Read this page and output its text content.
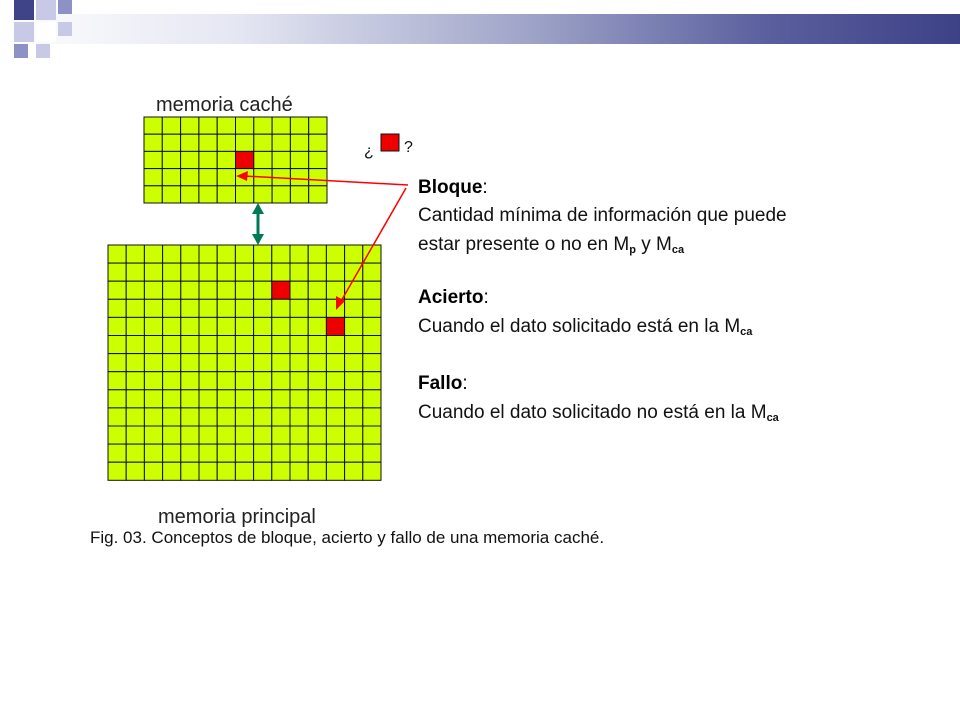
memoria caché
¿ ?
Bloque:
Cantidad mínima de información que puede
estar presente o no en $M_p$ y $M_{ca}$
Acierto:
Cuando el dato solicitado está en la $M_{ca}$
Fallo:
Cuando el dato solicitado no está en la $M_{ca}$
memoria principal
Fig. 03. Conceptos de bloque, acierto y fallo de una memoria caché.
